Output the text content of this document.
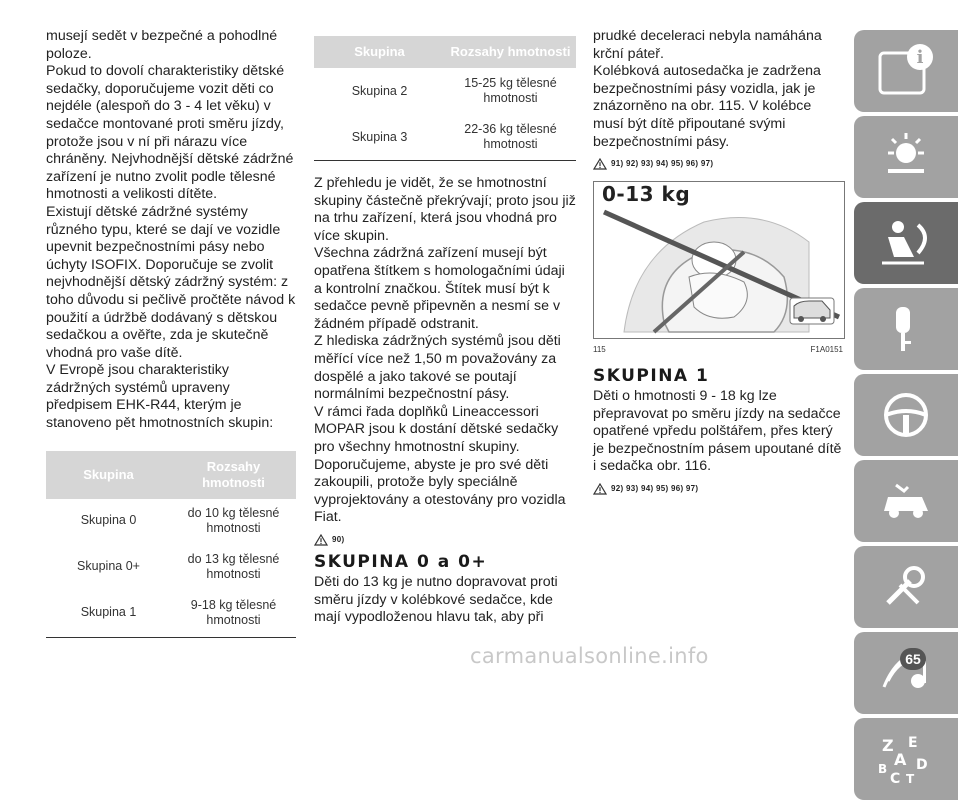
musejí sedět v bezpečné a pohodlné poloze.

Pokud to dovolí charakteristiky dětské sedačky, doporučujeme vozit děti co nejdéle (alespoň do 3 - 4 let věku) v sedačce montované proti směru jízdy, protože jsou v ní při nárazu více chráněny. Nejvhodnější dětské zádržné zařízení je nutno zvolit podle tělesné hmotnosti a velikosti dítěte.

Existují dětské zádržné systémy různého typu, které se dají ve vozidle upevnit bezpečnostními pásy nebo úchyty ISOFIX. Doporučuje se zvolit nejvhodnější dětský zádržný systém: z toho důvodu si pečlivě pročtěte návod k použití a údržbě dodávaný s dětskou sedačkou a ověřte, zda je skutečně vhodná pro vaše dítě.

V Evropě jsou charakteristiky zádržných systémů upraveny předpisem EHK-R44, kterým je stanoveno pět hmotnostních skupin:

Skupina	Rozsahy hmotnosti
Skupina 0	do 10 kg tělesné hmotnosti
Skupina 0+	do 13 kg tělesné hmotnosti
Skupina 1	9-18 kg tělesné hmotnosti
Skupina	Rozsahy hmotnosti
Skupina 2	15-25 kg tělesné hmotnosti
Skupina 3	22-36 kg tělesné hmotnosti

Z přehledu je vidět, že se hmotnostní skupiny částečně překrývají; proto jsou již na trhu zařízení, která jsou vhodná pro více skupin.

Všechna zádržná zařízení musejí být opatřena štítkem s homologačními údaji a kontrolní značkou. Štítek musí být k sedačce pevně připevněn a nesmí se v žádném případě odstranit.

Z hlediska zádržných systémů jsou děti měřící více než 1,50 m považovány za dospělé a jako takové se poutají normálními bezpečnostní pásy.

V rámci řada doplňků Lineaccessori MOPAR jsou k dostání dětské sedačky pro všechny hmotnostní skupiny. Doporučujeme, abyste je pro své děti zakoupili, protože byly speciálně vyprojektovány a otestovány pro vozidla Fiat.

90)
SKUPINA 0 a 0+

Děti do 13 kg je nutno dopravovat proti směru jízdy v kolébkové sedačce, kde mají vypodloženou hlavu tak, aby při

prudké deceleraci nebyla namáhána krční páteř.

Kolébková autosedačka je zadržena bezpečnostními pásy vozidla, jak je znázorněno na obr. 115. V kolébce musí být dítě připoutané svými bezpečnostními pásy.

91) 92) 93) 94) 95) 96) 97)
0-13 kg
115	F1A0151
SKUPINA 1

Děti o hmotnosti 9 - 18 kg lze přepravovat po směru jízdy na sedačce opatřené vpředu polštářem, přes který je bezpečnostním pásem upoutané dítě i sedačka obr. 116.

92) 93) 94) 95) 96) 97)
i
Z E
A
B D
C T
carmanualsonline.info	65
